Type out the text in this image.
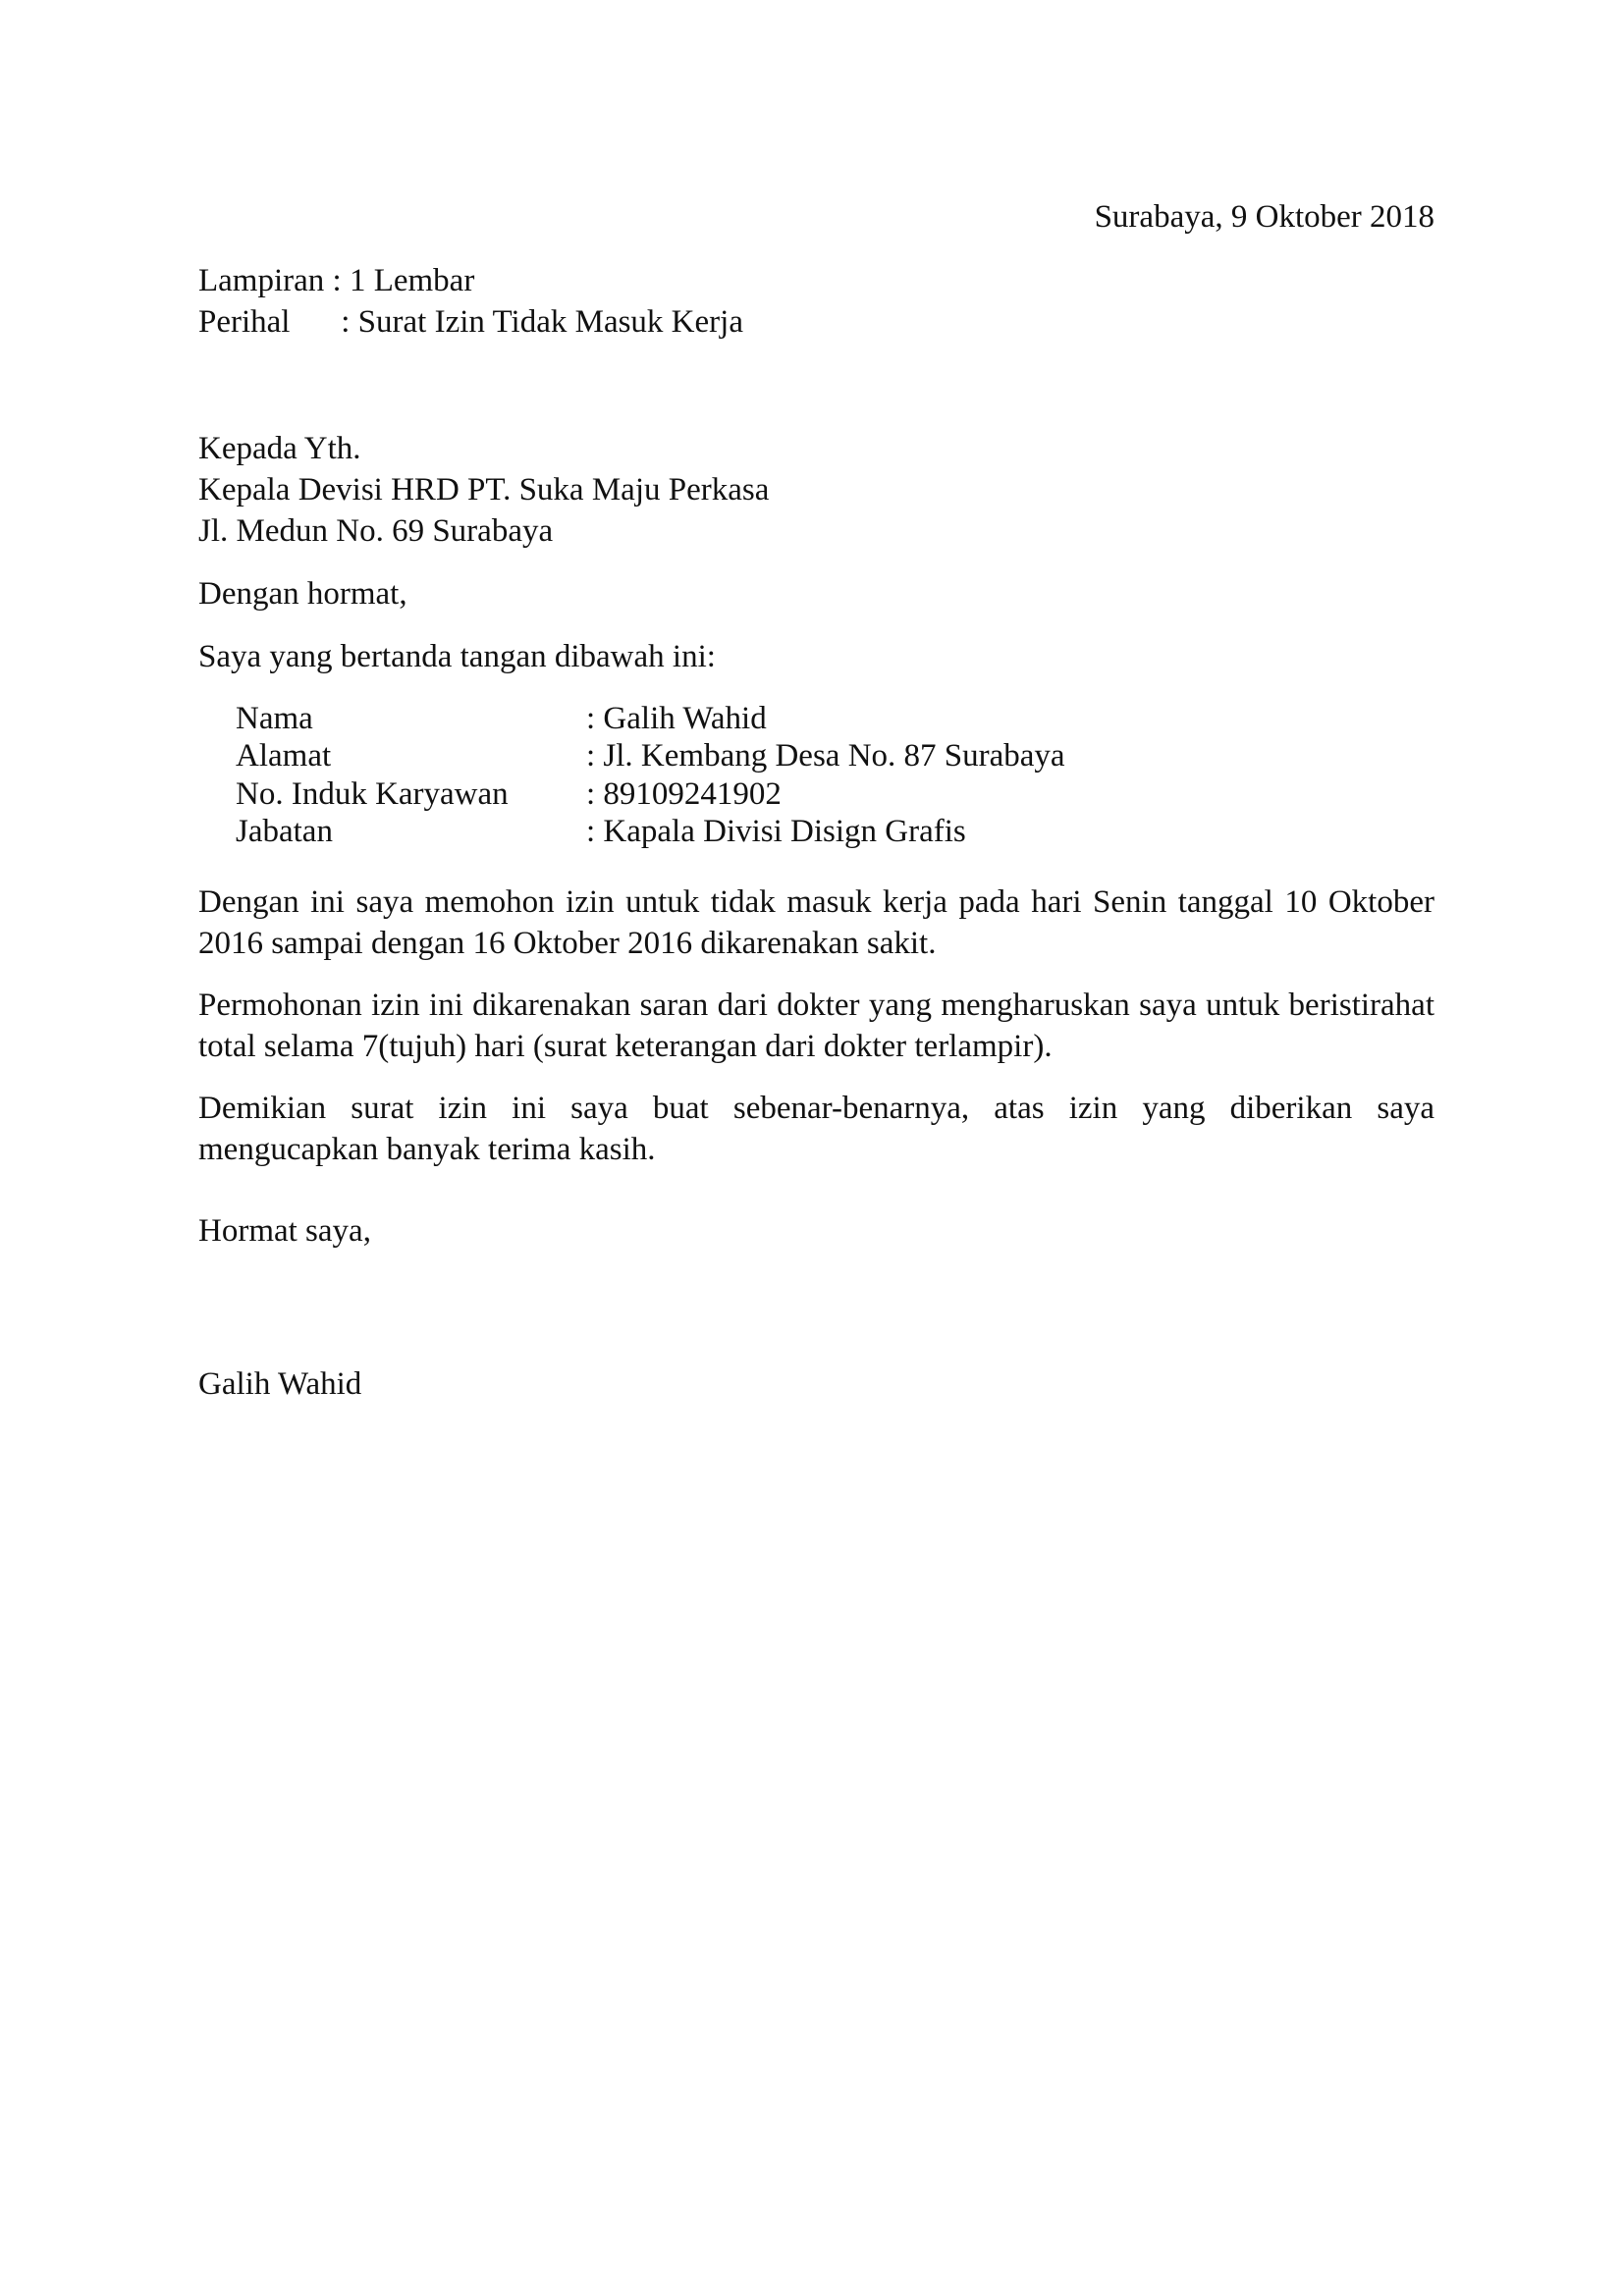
Surabaya, 9 Oktober 2018
Lampiran : 1 Lembar
Perihal : Surat Izin Tidak Masuk Kerja
Kepada Yth.
Kepala Devisi HRD PT. Suka Maju Perkasa
Jl. Medun No. 69 Surabaya
Dengan hormat,
Saya yang bertanda tangan dibawah ini:
Nama	: Galih Wahid
Alamat	: Jl. Kembang Desa No. 87 Surabaya
No. Induk Karyawan : 89109241902
Jabatan	: Kapala Divisi Disign Grafis
Dengan ini saya memohon izin untuk tidak masuk kerja pada hari Senin tanggal 10 Oktober 2016 sampai dengan 16 Oktober 2016 dikarenakan sakit.
Permohonan izin ini dikarenakan saran dari dokter yang mengharuskan saya untuk beristirahat total selama 7(tujuh) hari (surat keterangan dari dokter terlampir).
Demikian surat izin ini saya buat sebenar-benarnya, atas izin yang diberikan saya mengucapkan banyak terima kasih.
Hormat saya,
Galih Wahid
